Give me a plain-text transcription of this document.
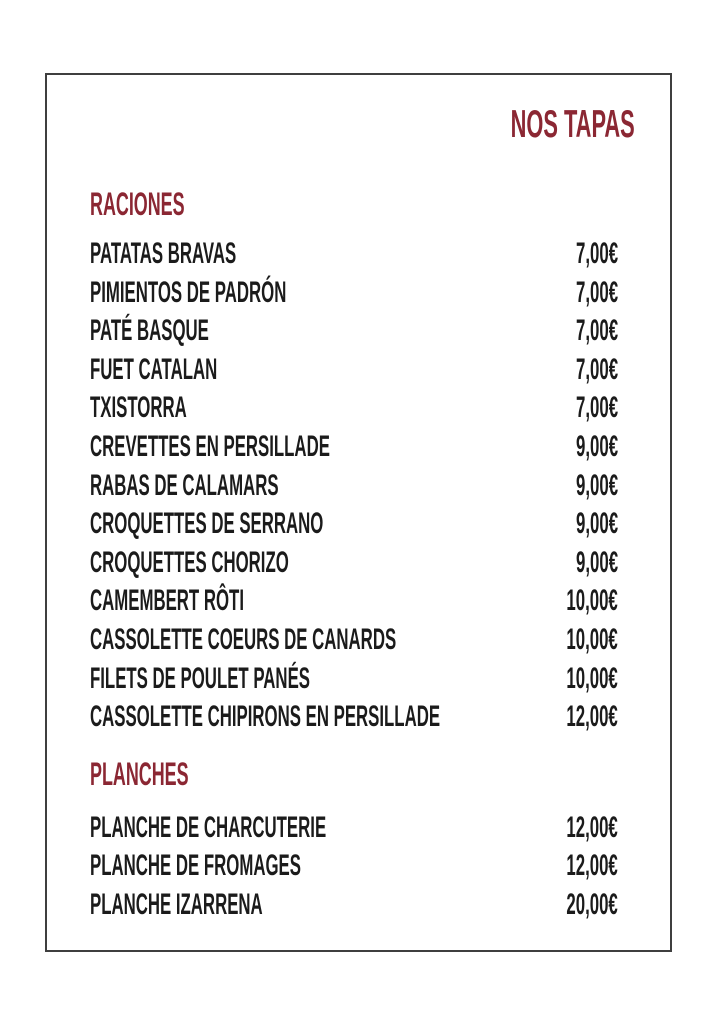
NOS TAPAS
RACIONES
PATATAS BRAVAS	7,00€
PIMIENTOS DE PADRÓN	7,00€
PATÉ BASQUE	7,00€
FUET CATALAN	7,00€
TXISTORRA	7,00€
CREVETTES EN PERSILLADE	9,00€
RABAS DE CALAMARS	9,00€
CROQUETTES DE SERRANO	9,00€
CROQUETTES CHORIZO	9,00€
CAMEMBERT RÔTI	10,00€
CASSOLETTE COEURS DE CANARDS	10,00€
FILETS DE POULET PANÉS	10,00€
CASSOLETTE CHIPIRONS EN PERSILLADE	12,00€
PLANCHES
PLANCHE DE CHARCUTERIE	12,00€
PLANCHE DE FROMAGES	12,00€
PLANCHE IZARRENA	20,00€
